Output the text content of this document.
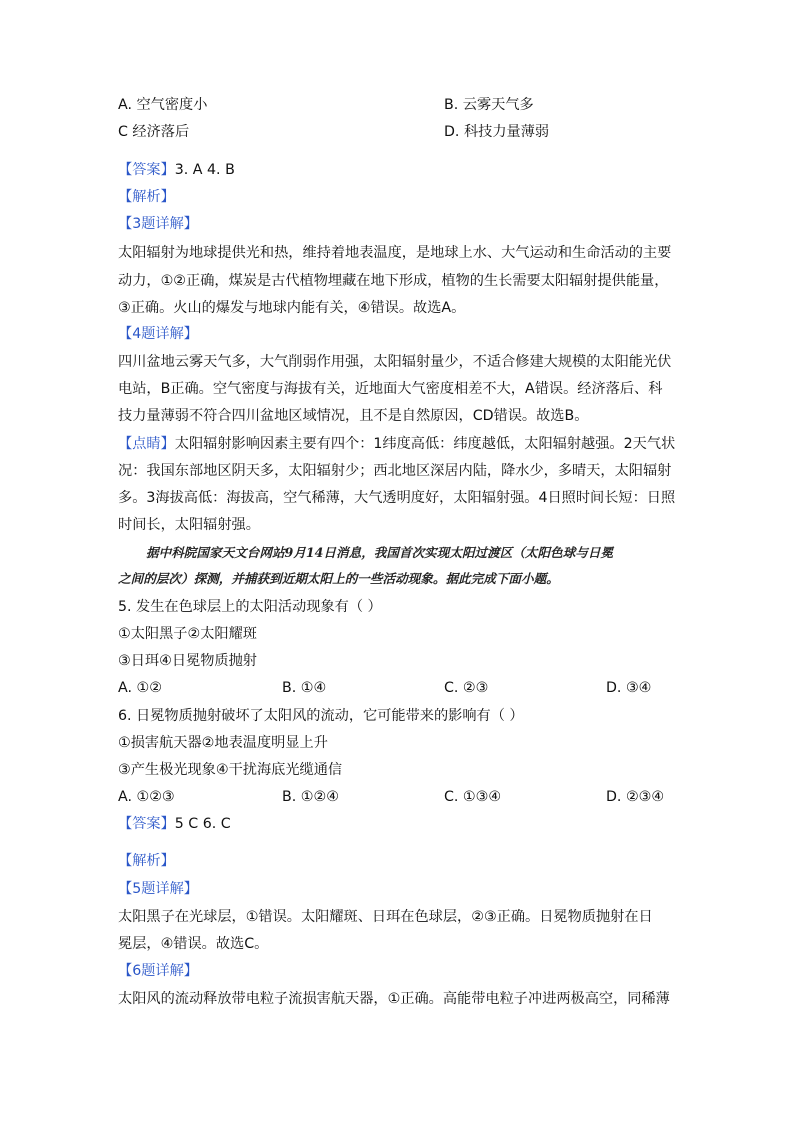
A. 空气密度小	B. 云雾天气多
C 经济落后	D. 科技力量薄弱
【答案】3. A 4. B
【解析】
【3题详解】
太阳辐射为地球提供光和热，维持着地表温度，是地球上水、大气运动和生命活动的主要
动力，①②正确，煤炭是古代植物埋藏在地下形成，植物的生长需要太阳辐射提供能量，
③正确。火山的爆发与地球内能有关，④错误。故选A。
【4题详解】
四川盆地云雾天气多，大气削弱作用强，太阳辐射量少，不适合修建大规模的太阳能光伏
电站，B正确。空气密度与海拔有关，近地面大气密度相差不大，A错误。经济落后、科
技力量薄弱不符合四川盆地区域情况，且不是自然原因，CD错误。故选B。
【点睛】太阳辐射影响因素主要有四个：1纬度高低：纬度越低，太阳辐射越强。2天气状
况：我国东部地区阴天多，太阳辐射少；西北地区深居内陆，降水少，多晴天，太阳辐射
多。3海拔高低：海拔高，空气稀薄，大气透明度好，太阳辐射强。4日照时间长短：日照
时间长，太阳辐射强。
据中科院国家天文台网站9月14日消息，我国首次实现太阳过渡区（太阳色球与日冕
之间的层次）探测，并捕获到近期太阳上的一些活动现象。据此完成下面小题。
5. 发生在色球层上的太阳活动现象有（ ）
①太阳黑子②太阳耀斑
③日珥④日冕物质抛射
A. ①②	B. ①④	C. ②③	D. ③④
6. 日冕物质抛射破坏了太阳风的流动，它可能带来的影响有（ ）
①损害航天器②地表温度明显上升
③产生极光现象④干扰海底光缆通信
A. ①②③	B. ①②④	C. ①③④	D. ②③④
【答案】5 C 6. C
【解析】
【5题详解】
太阳黑子在光球层，①错误。太阳耀斑、日珥在色球层，②③正确。日冕物质抛射在日
冕层，④错误。故选C。
【6题详解】
太阳风的流动释放带电粒子流损害航天器，①正确。高能带电粒子冲进两极高空，同稀薄
